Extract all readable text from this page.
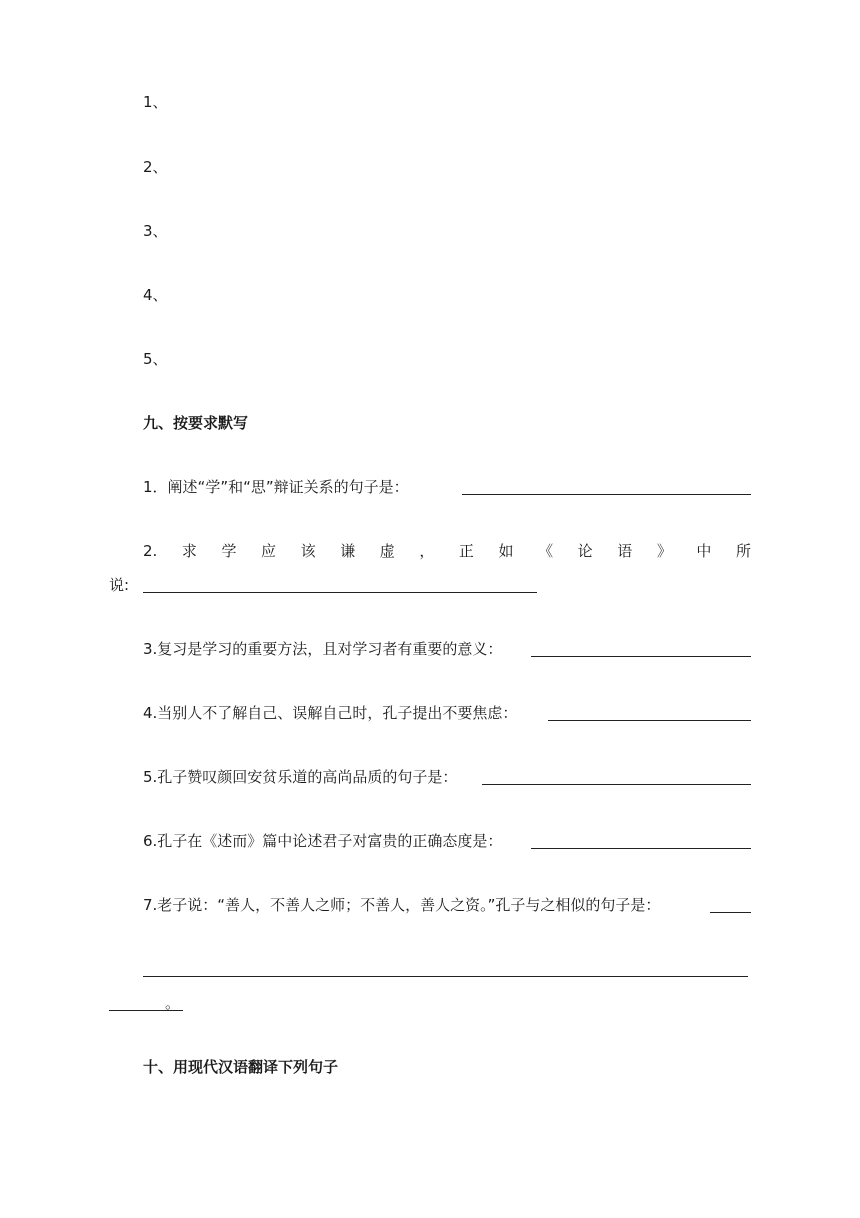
1、
2、
3、
4、
5、
九、按要求默写
1．阐述“学”和“思”辩证关系的句子是：
2. 求 学 应 该 谦 虚 ， 正 如 《 论 语 》 中 所
说:
3.复习是学习的重要方法，且对学习者有重要的意义：
4.当别人不了解自己、误解自己时，孔子提出不要焦虑：
5.孔子赞叹颜回安贫乐道的高尚品质的句子是：
6.孔子在《述而》篇中论述君子对富贵的正确态度是：
7.老子说：“善人，不善人之师；不善人，善人之资。”孔子与之相似的句子是：
。
十、用现代汉语翻译下列句子
